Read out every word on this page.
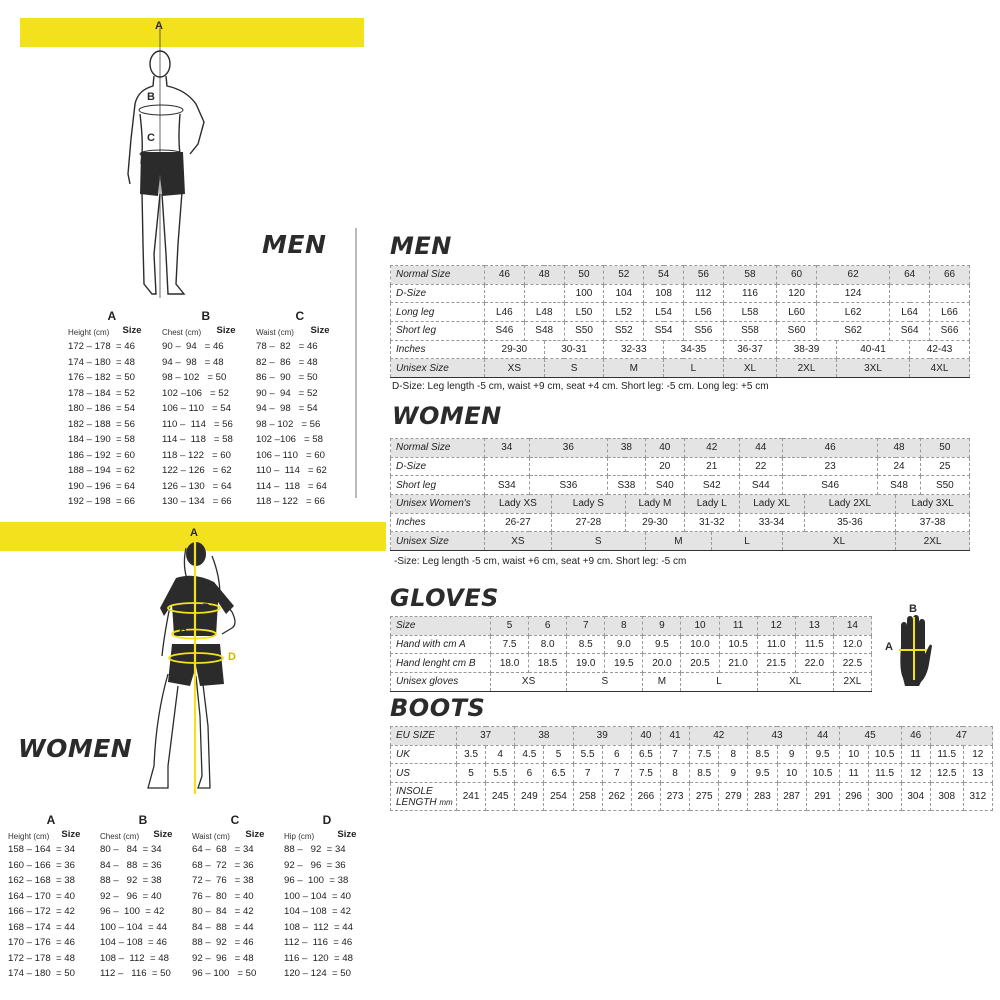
A
B
C
MEN
A
Height (cm) Size
172 – 178  = 46
174 – 180  = 48
176 – 182  = 50
178 – 184  = 52
180 – 186  = 54
182 – 188  = 56
184 – 190  = 58
186 – 192  = 60
188 – 194  = 62
190 – 196  = 64
192 – 198  = 66
B
Chest (cm) Size
90 –  94   = 46
94 –  98   = 48
98 – 102   = 50
102 –106   = 52
106 – 110   = 54
110 –  114   = 56
114 –  118   = 58
118 – 122   = 60
122 – 126   = 62
126 – 130   = 64
130 – 134   = 66
C
Waist (cm) Size
78 –  82   = 46
82 –  86   = 48
86 –  90   = 50
90 –  94   = 52
94 –  98   = 54
98 – 102   = 56
102 –106   = 58
106 – 110   = 60
110 –  114   = 62
114 –  118   = 64
118 – 122   = 66
A
B
C
D
WOMEN
A
Height (cm) Size
158 – 164  = 34
160 – 166  = 36
162 – 168  = 38
164 – 170  = 40
166 – 172  = 42
168 – 174  = 44
170 – 176  = 46
172 – 178  = 48
174 – 180  = 50
B
Chest (cm) Size
80 –   84  = 34
84 –   88  = 36
88 –   92  = 38
92 –   96  = 40
96 –  100  = 42
100 – 104  = 44
104 – 108  = 46
108 –  112  = 48
112 –   116  = 50
C
Waist (cm) Size
64 –  68   = 34
68 –  72   = 36
72 –  76   = 38
76 –  80   = 40
80 –  84   = 42
84 –  88   = 44
88 –  92   = 46
92 –  96   = 48
96 – 100   = 50
D
Hip (cm) Size
88 –   92  = 34
92 –   96  = 36
96 –  100  = 38
100 – 104  = 40
104 – 108  = 42
108 –  112  = 44
112 –  116  = 46
116 –  120  = 48
120 – 124  = 50
MEN
Normal Size	46	48		50	52	54		56	58	60	62		64		66
D-Size				100	104	108		112	116	120	124				
Long leg	L46	L48		L50	L52	L54		L56	L58	L60	L62		L64		L66
Short leg	S46	S48		S50	S52	S54		S56	S58	S60	S62		S64		S66
Inches	29-30		30-31		32-33		34-35		36-37	38-39		40-41		42-43	
Unisex Size	XS		S		M		L		XL	2XL		3XL		4XL	
D-Size: Leg length -5 cm, waist +9 cm, seat +4 cm. Short leg: -5 cm. Long leg: +5 cm
WOMEN
Normal Size	34	36		38		40	42		44	46		48		50
D-Size						20	21		22	23		24		25
Short leg	S34	S36		S38		S40	S42		S44	S46		S48		S50
Unisex Women's	Lady XS		Lady S		Lady M		Lady L		Lady XL		Lady 2XL		Lady 3XL	
Inches	26-27		27-28		29-30		31-32		33-34		35-36		37-38	
Unisex Size	XS		S			M		L		XL			2XL	
-Size: Leg length -5 cm, waist +6 cm, seat +9 cm. Short leg: -5 cm
GLOVES
Size	5	6	7	8	9	10	11	12	13	14
Hand with cm A	7.5	8.0	8.5	9.0	9.5	10.0	10.5	11.0	11.5	12.0
Hand lenght cm B	18.0	18.5	19.0	19.5	20.0	20.5	21.0	21.5	22.0	22.5
Unisex gloves	XS		S		M	L		XL		2XL
B
A
BOOTS
EU SIZE	37		38		39		40	41	42		43		44	45		46	47	
UK	3.5	4	4.5	5	5.5	6	6.5	7	7.5	8	8.5	9	9.5	10	10.5	11	11.5	12
US	5	5.5	6	6.5	7	7	7.5	8	8.5	9	9.5	10	10.5	11	11.5	12	12.5	13
INSOLE
LENGTH mm	241	245	249	254	258	262	266	273	275	279	283	287	291	296	300	304	308	312
